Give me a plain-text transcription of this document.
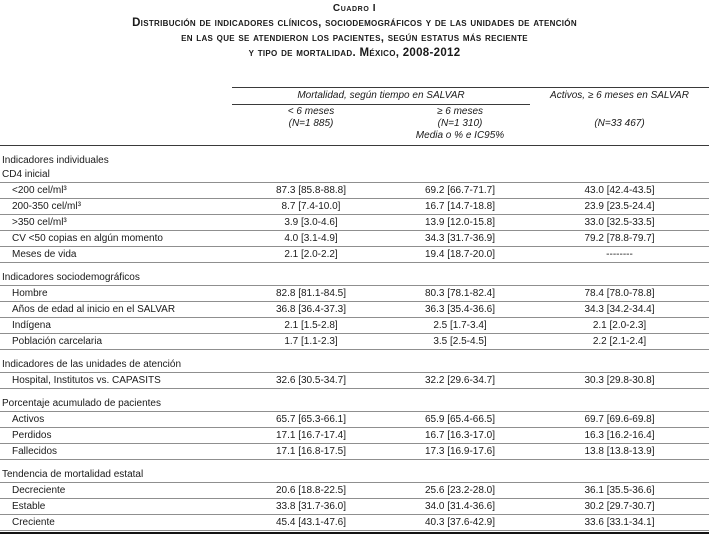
Cuadro I
Distribución de indicadores clínicos, sociodemográficos y de las unidades de atención
en las que se atendieron los pacientes, según estatus más reciente
y tipo de mortalidad. México, 2008-2012
Mortalidad, según tiempo en SALVAR	Activos, ≥ 6 meses en SALVAR
< 6 meses	≥ 6 meses
(N=1 885)	(N=1 310)	(N=33 467)
Media o % e IC95%
Indicadores individuales
CD4 inicial
<200 cel/ml³	87.3 [85.8-88.8]	69.2 [66.7-71.7]	43.0 [42.4-43.5]
200-350 cel/ml³	8.7 [7.4-10.0]	16.7 [14.7-18.8]	23.9 [23.5-24.4]
>350 cel/ml³	3.9 [3.0-4.6]	13.9 [12.0-15.8]	33.0 [32.5-33.5]
CV <50 copias en algún momento	4.0 [3.1-4.9]	34.3 [31.7-36.9]	79.2 [78.8-79.7]
Meses de vida	2.1 [2.0-2.2]	19.4 [18.7-20.0]	--------
Indicadores sociodemográficos
Hombre	82.8 [81.1-84.5]	80.3 [78.1-82.4]	78.4 [78.0-78.8]
Años de edad al inicio en el SALVAR	36.8 [36.4-37.3]	36.3 [35.4-36.6]	34.3 [34.2-34.4]
Indígena	2.1 [1.5-2.8]	2.5 [1.7-3.4]	2.1 [2.0-2.3]
Población carcelaria	1.7 [1.1-2.3]	3.5 [2.5-4.5]	2.2 [2.1-2.4]
Indicadores de las unidades de atención
Hospital, Institutos vs. CAPASITS	32.6 [30.5-34.7]	32.2 [29.6-34.7]	30.3 [29.8-30.8]
Porcentaje acumulado de pacientes
Activos	65.7 [65.3-66.1]	65.9 [65.4-66.5]	69.7 [69.6-69.8]
Perdidos	17.1 [16.7-17.4]	16.7 [16.3-17.0]	16.3 [16.2-16.4]
Fallecidos	17.1 [16.8-17.5]	17.3 [16.9-17.6]	13.8 [13.8-13.9]
Tendencia de mortalidad estatal
Decreciente	20.6 [18.8-22.5]	25.6 [23.2-28.0]	36.1 [35.5-36.6]
Estable	33.8 [31.7-36.0]	34.0 [31.4-36.6]	30.2 [29.7-30.7]
Creciente	45.4 [43.1-47.6]	40.3 [37.6-42.9]	33.6 [33.1-34.1]
